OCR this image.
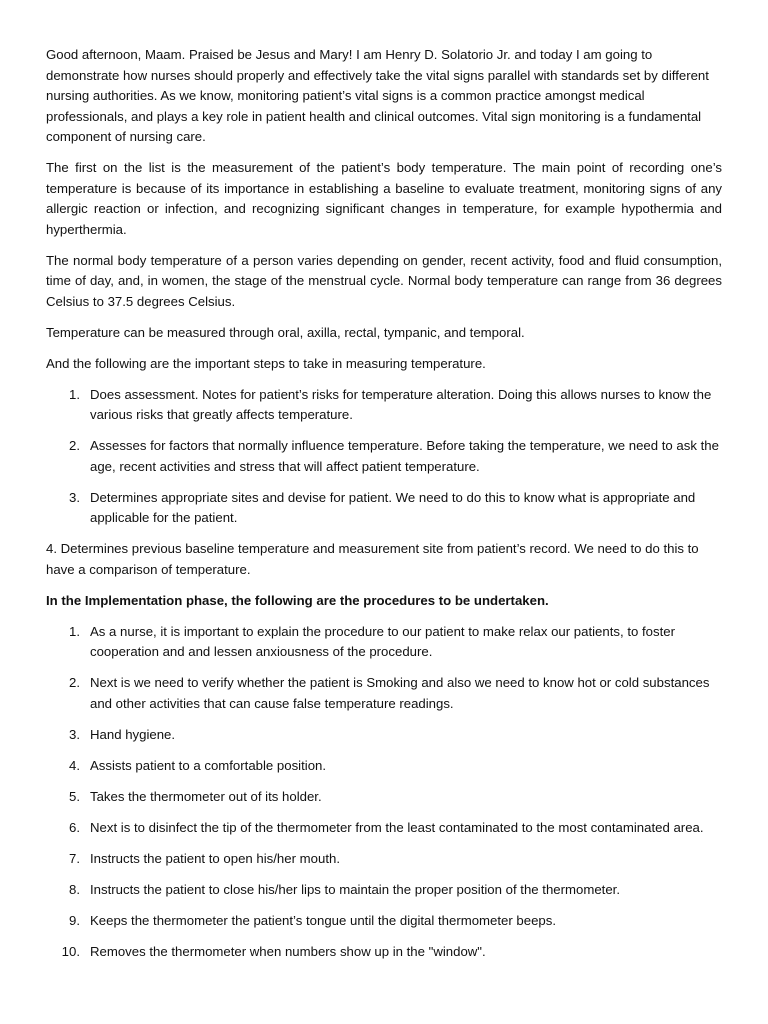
Good afternoon, Maam. Praised be Jesus and Mary! I am Henry D. Solatorio Jr. and today I am going to demonstrate how nurses should properly and effectively take the vital signs parallel with standards set by different nursing authorities. As we know, monitoring patient’s vital signs is a common practice amongst medical professionals, and plays a key role in patient health and clinical outcomes. Vital sign monitoring is a fundamental component of nursing care.

The first on the list is the measurement of the patient’s body temperature. The main point of recording one’s temperature is because of its importance in establishing a baseline to evaluate treatment, monitoring signs of any allergic reaction or infection, and recognizing significant changes in temperature, for example hypothermia and hyperthermia.

The normal body temperature of a person varies depending on gender, recent activity, food and fluid consumption, time of day, and, in women, the stage of the menstrual cycle. Normal body temperature can range from 36 degrees Celsius to 37.5 degrees Celsius.

Temperature can be measured through oral, axilla, rectal, tympanic, and temporal.

And the following are the important steps to take in measuring temperature.

1. Does assessment. Notes for patient’s risks for temperature alteration. Doing this allows nurses to know the various risks that greatly affects temperature.
2. Assesses for factors that normally influence temperature. Before taking the temperature, we need to ask the age, recent activities and stress that will affect patient temperature.
3. Determines appropriate sites and devise for patient. We need to do this to know what is appropriate and applicable for the patient.

4. Determines previous baseline temperature and measurement site from patient’s record. We need to do this to have a comparison of temperature.

In the Implementation phase, the following are the procedures to be undertaken.

1. As a nurse, it is important to explain the procedure to our patient to make relax our patients, to foster cooperation and and lessen anxiousness of the procedure.
2. Next is we need to verify whether the patient is Smoking and also we need to know hot or cold substances and other activities that can cause false temperature readings.
3. Hand hygiene.
4. Assists patient to a comfortable position.
5. Takes the thermometer out of its holder.
6. Next is to disinfect the tip of the thermometer from the least contaminated to the most contaminated area.
7. Instructs the patient to open his/her mouth.
8. Instructs the patient to close his/her lips to maintain the proper position of the thermometer.
9. Keeps the thermometer the patient’s tongue until the digital thermometer beeps.
10. Removes the thermometer when numbers show up in the "window".
